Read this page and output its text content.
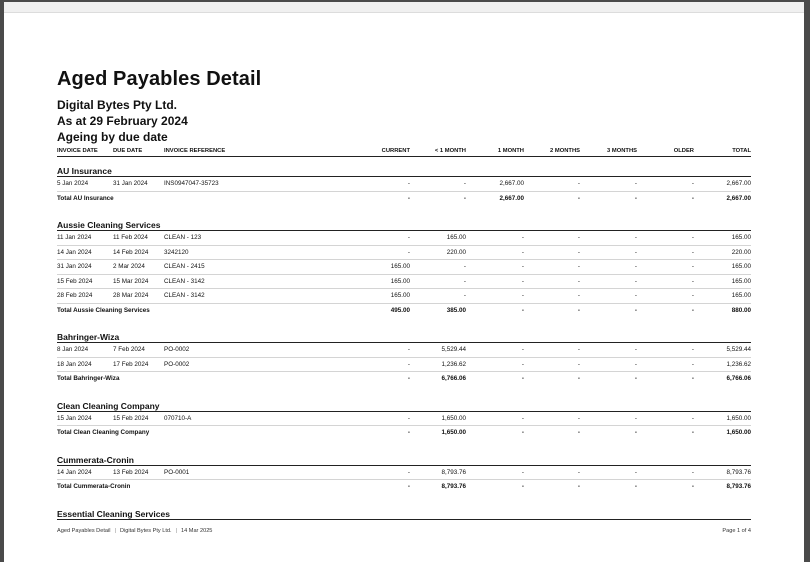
Aged Payables Detail

Digital Bytes Pty Ltd.

As at 29 February 2024

Ageing by due date

INVOICE DATE	DUE DATE	INVOICE REFERENCE	CURRENT	< 1 MONTH	1 MONTH	2 MONTHS	3 MONTHS	OLDER	TOTAL
AU Insurance									
5 Jan 2024	31 Jan 2024	INS0947047-35723	-	-	2,667.00	-	-	-	2,667.00
Total AU Insurance			-	-	2,667.00	-	-	-	2,667.00

Aussie Cleaning Services									
11 Jan 2024	11 Feb 2024	CLEAN - 123	-	165.00	-	-	-	-	165.00
14 Jan 2024	14 Feb 2024	3242120	-	220.00	-	-	-	-	220.00
31 Jan 2024	2 Mar 2024	CLEAN - 2415	165.00	-	-	-	-	-	165.00
15 Feb 2024	15 Mar 2024	CLEAN - 3142	165.00	-	-	-	-	-	165.00
28 Feb 2024	28 Mar 2024	CLEAN - 3142	165.00	-	-	-	-	-	165.00
Total Aussie Cleaning Services			495.00	385.00	-	-	-	-	880.00

Bahringer-Wiza									
8 Jan 2024	7 Feb 2024	PO-0002	-	5,529.44	-	-	-	-	5,529.44
18 Jan 2024	17 Feb 2024	PO-0002	-	1,236.62	-	-	-	-	1,236.62
Total Bahringer-Wiza			-	6,766.06	-	-	-	-	6,766.06

Clean Cleaning Company									
15 Jan 2024	15 Feb 2024	070710-A	-	1,650.00	-	-	-	-	1,650.00
Total Clean Cleaning Company			-	1,650.00	-	-	-	-	1,650.00

Cummerata-Cronin									
14 Jan 2024	13 Feb 2024	PO-0001	-	8,793.76	-	-	-	-	8,793.76
Total Cummerata-Cronin			-	8,793.76	-	-	-	-	8,793.76

Essential Cleaning Services									
Aged Payables Detail | Digital Bytes Pty Ltd. | 14 Mar 2025	Page 1 of 4
